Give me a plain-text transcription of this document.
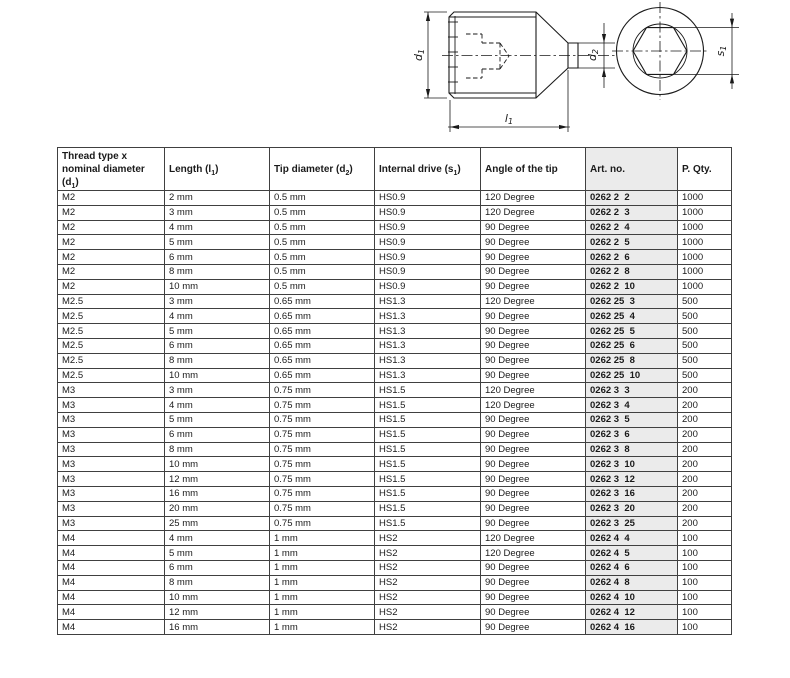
d1
d2
l1
s1
Thread type x
nominal diameter
$(d_1)$	Length $(l_1)$	Tip diameter $(d_2)$	Internal drive $(s_1)$	Angle of the tip	Art. no.	P. Qty.
M2	2 mm	0.5 mm	HS0.9	120 Degree	0262 2  2	1000
M2	3 mm	0.5 mm	HS0.9	120 Degree	0262 2  3	1000
M2	4 mm	0.5 mm	HS0.9	90 Degree	0262 2  4	1000
M2	5 mm	0.5 mm	HS0.9	90 Degree	0262 2  5	1000
M2	6 mm	0.5 mm	HS0.9	90 Degree	0262 2  6	1000
M2	8 mm	0.5 mm	HS0.9	90 Degree	0262 2  8	1000
M2	10 mm	0.5 mm	HS0.9	90 Degree	0262 2  10	1000
M2.5	3 mm	0.65 mm	HS1.3	120 Degree	0262 25  3	500
M2.5	4 mm	0.65 mm	HS1.3	90 Degree	0262 25  4	500
M2.5	5 mm	0.65 mm	HS1.3	90 Degree	0262 25  5	500
M2.5	6 mm	0.65 mm	HS1.3	90 Degree	0262 25  6	500
M2.5	8 mm	0.65 mm	HS1.3	90 Degree	0262 25  8	500
M2.5	10 mm	0.65 mm	HS1.3	90 Degree	0262 25  10	500
M3	3 mm	0.75 mm	HS1.5	120 Degree	0262 3  3	200
M3	4 mm	0.75 mm	HS1.5	120 Degree	0262 3  4	200
M3	5 mm	0.75 mm	HS1.5	90 Degree	0262 3  5	200
M3	6 mm	0.75 mm	HS1.5	90 Degree	0262 3  6	200
M3	8 mm	0.75 mm	HS1.5	90 Degree	0262 3  8	200
M3	10 mm	0.75 mm	HS1.5	90 Degree	0262 3  10	200
M3	12 mm	0.75 mm	HS1.5	90 Degree	0262 3  12	200
M3	16 mm	0.75 mm	HS1.5	90 Degree	0262 3  16	200
M3	20 mm	0.75 mm	HS1.5	90 Degree	0262 3  20	200
M3	25 mm	0.75 mm	HS1.5	90 Degree	0262 3  25	200
M4	4 mm	1 mm	HS2	120 Degree	0262 4  4	100
M4	5 mm	1 mm	HS2	120 Degree	0262 4  5	100
M4	6 mm	1 mm	HS2	90 Degree	0262 4  6	100
M4	8 mm	1 mm	HS2	90 Degree	0262 4  8	100
M4	10 mm	1 mm	HS2	90 Degree	0262 4  10	100
M4	12 mm	1 mm	HS2	90 Degree	0262 4  12	100
M4	16 mm	1 mm	HS2	90 Degree	0262 4  16	100
